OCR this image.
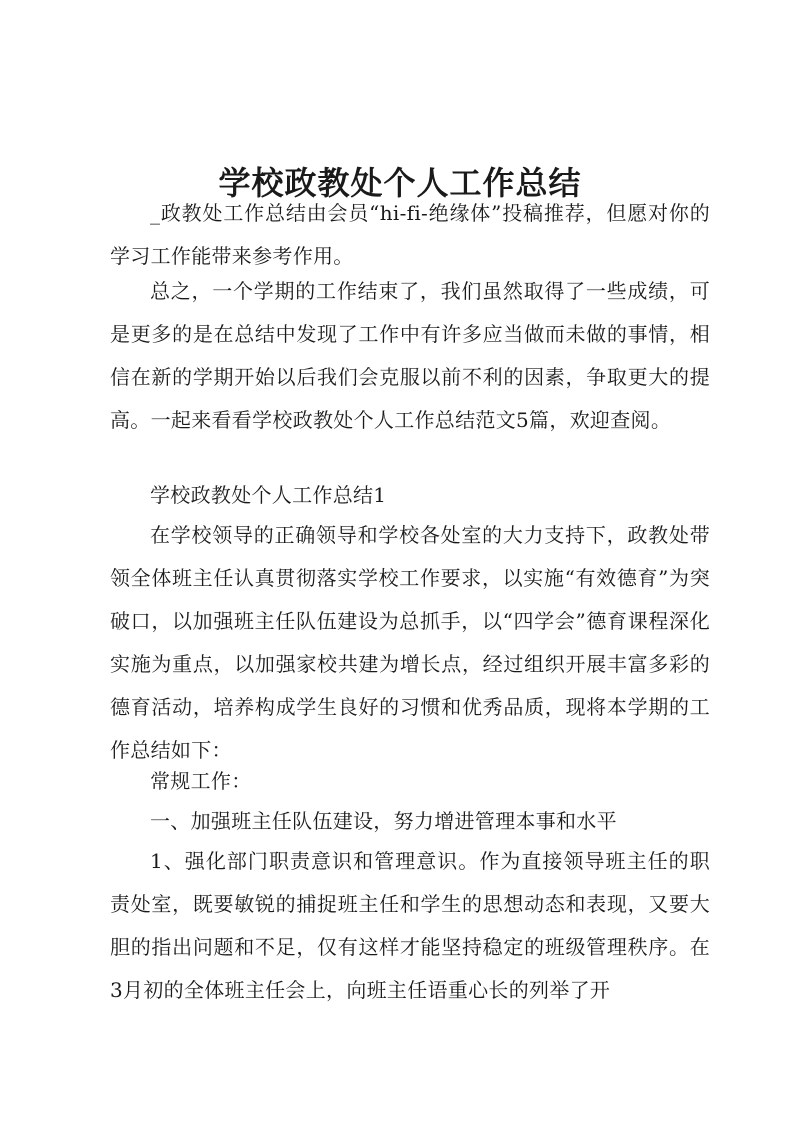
学校政教处个人工作总结

_政教处工作总结由会员“hi-fi-绝缘体”投稿推荐，但愿对你的学习工作能带来参考作用。

总之，一个学期的工作结束了，我们虽然取得了一些成绩，可是更多的是在总结中发现了工作中有许多应当做而未做的事情，相信在新的学期开始以后我们会克服以前不利的因素，争取更大的提高。一起来看看学校政教处个人工作总结范文5篇，欢迎查阅。

学校政教处个人工作总结1

在学校领导的正确领导和学校各处室的大力支持下，政教处带领全体班主任认真贯彻落实学校工作要求，以实施“有效德育”为突破口，以加强班主任队伍建设为总抓手，以“四学会”德育课程深化实施为重点，以加强家校共建为增长点，经过组织开展丰富多彩的德育活动，培养构成学生良好的习惯和优秀品质，现将本学期的工作总结如下：

常规工作：

一、加强班主任队伍建设，努力增进管理本事和水平

1、强化部门职责意识和管理意识。作为直接领导班主任的职责处室，既要敏锐的捕捉班主任和学生的思想动态和表现，又要大胆的指出问题和不足，仅有这样才能坚持稳定的班级管理秩序。在3月初的全体班主任会上，向班主任语重心长的列举了开
